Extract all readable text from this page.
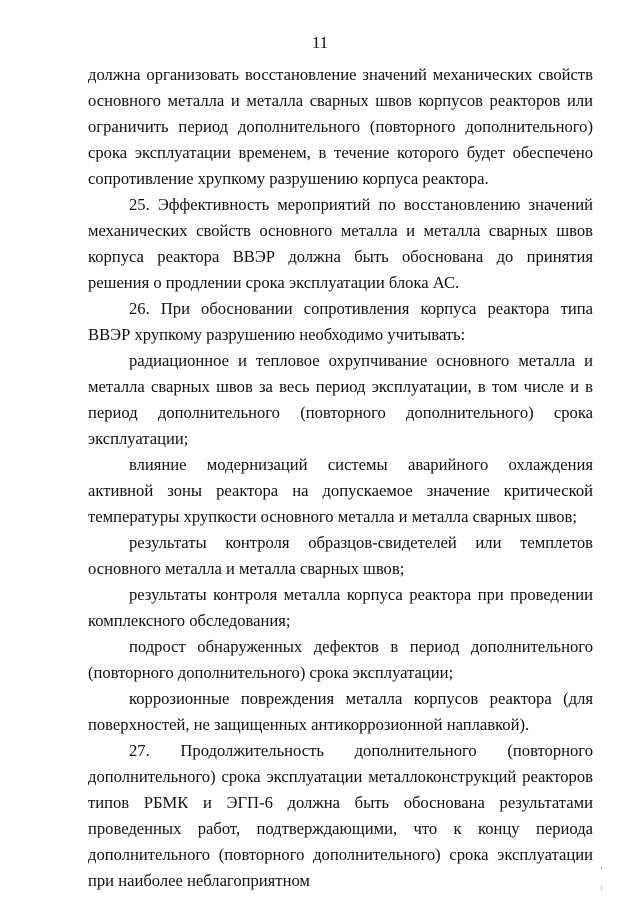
11

должна организовать восстановление значений механических свойств основного металла и металла сварных швов корпусов реакторов или ограничить период дополнительного (повторного дополнительного) срока эксплуатации временем, в течение которого будет обеспечено сопротивление хрупкому разрушению корпуса реактора.

25. Эффективность мероприятий по восстановлению значений механических свойств основного металла и металла сварных швов корпуса реактора ВВЭР должна быть обоснована до принятия решения о продлении срока эксплуатации блока АС.

26. При обосновании сопротивления корпуса реактора типа ВВЭР хрупкому разрушению необходимо учитывать:

радиационное и тепловое охрупчивание основного металла и металла сварных швов за весь период эксплуатации, в том числе и в период дополнительного (повторного дополнительного) срока эксплуатации;

влияние модернизаций системы аварийного охлаждения активной зоны реактора на допускаемое значение критической температуры хрупкости основного металла и металла сварных швов;

результаты контроля образцов-свидетелей или темплетов основного металла и металла сварных швов;

результаты контроля металла корпуса реактора при проведении комплексного обследования;

подрост обнаруженных дефектов в период дополнительного (повторного дополнительного) срока эксплуатации;

коррозионные повреждения металла корпусов реактора (для поверхностей, не защищенных антикоррозионной наплавкой).

27. Продолжительность дополнительного (повторного дополнительного) срока эксплуатации металлоконструкций реакторов типов РБМК и ЭГП-6 должна быть обоснована результатами проведенных работ, подтверждающими, что к концу периода дополнительного (повторного дополнительного) срока эксплуатации при наиболее неблагоприятном
